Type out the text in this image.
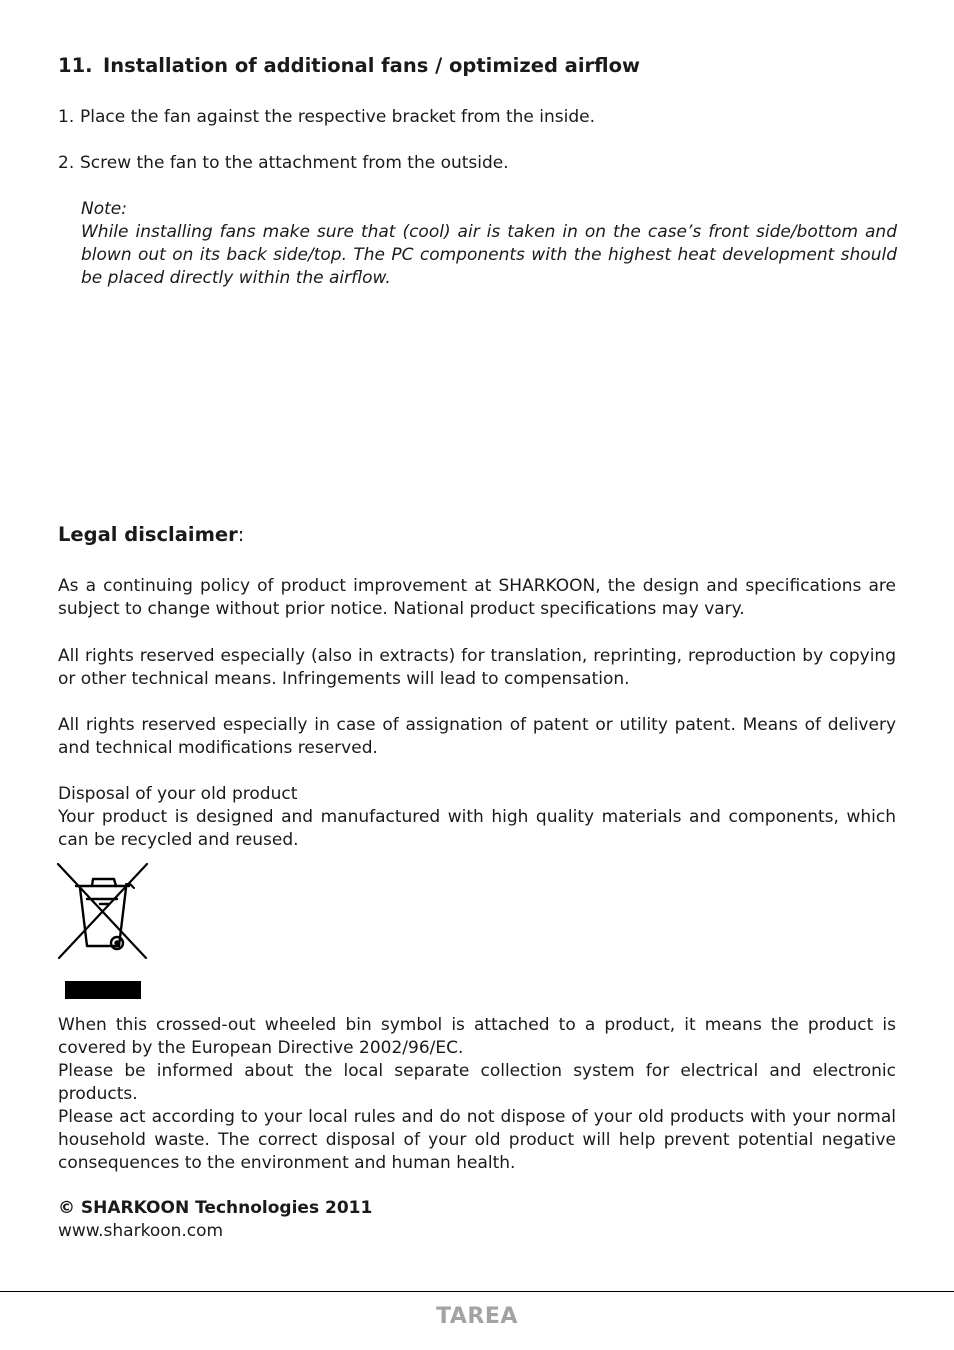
11. Installation of additional fans / optimized airflow
1. Place the fan against the respective bracket from the inside.
2. Screw the fan to the attachment from the outside.
Note:
While installing fans make sure that (cool) air is taken in on the case’s front side/bottom and blown out on its back side/top. The PC components with the highest heat development should be placed directly within the airflow.
Legal disclaimer:
As a continuing policy of product improvement at SHARKOON, the design and specifications are subject to change without prior notice. National product specifications may vary.
All rights reserved especially (also in extracts) for translation, reprinting, reproduction by copying or other technical means. Infringements will lead to compensation.
All rights reserved especially in case of assignation of patent or utility patent. Means of delivery and technical modifications reserved.
Disposal of your old product
Your product is designed and manufactured with high quality materials and components, which can be recycled and reused.
When this crossed-out wheeled bin symbol is attached to a product, it means the product is covered by the European Directive 2002/96/EC.
Please be informed about the local separate collection system for electrical and electronic products.
Please act according to your local rules and do not dispose of your old products with your normal household waste. The correct disposal of your old product will help prevent potential negative consequences to the environment and human health.
© SHARKOON Technologies 2011
www.sharkoon.com
TAREA
